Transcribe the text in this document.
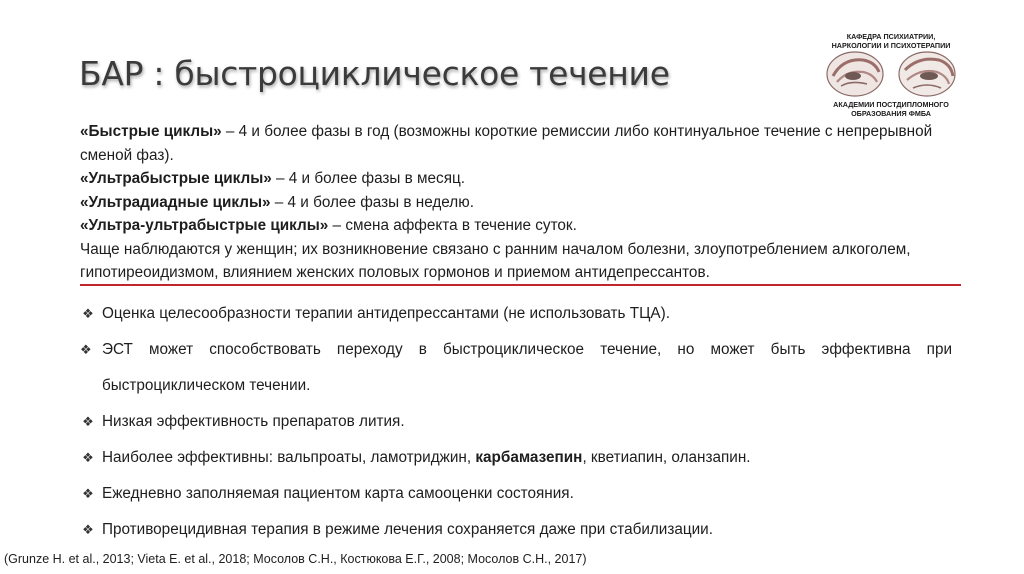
БАР : быстроциклическое течение
КАФЕДРА ПСИХИАТРИИ, НАРКОЛОГИИ И ПСИХОТЕРАПИИ
АКАДЕМИИ ПОСТДИПЛОМНОГО ОБРАЗОВАНИЯ ФМБА

«Быстрые циклы» – 4 и более фазы в год (возможны короткие ремиссии либо континуальное течение с непрерывной сменой фаз).

«Ультрабыстрые циклы» – 4 и более фазы в месяц.

«Ультрадиадные циклы» – 4 и более фазы в неделю.

«Ультра-ультрабыстрые циклы» – смена аффекта в течение суток.

Чаще наблюдаются у женщин; их возникновение связано с ранним началом болезни, злоупотреблением алкоголем, гипотиреоидизмом, влиянием женских половых гормонов и приемом антидепрессантов.

❖ Оценка целесообразности терапии антидепрессантами (не использовать ТЦА).
❖ ЭСТ может способствовать переходу в быстроциклическое течение, но может быть эффективна при быстроциклическом течении.
❖ Низкая эффективность препаратов лития.
❖ Наиболее эффективны: вальпроаты, ламотриджин, карбамазепин, кветиапин, оланзапин.
❖ Ежедневно заполняемая пациентом карта самооценки состояния.
❖ Противорецидивная терапия в режиме лечения сохраняется даже при стабилизации.

(Grunze H. et al., 2013; Vieta E. et al., 2018; Мосолов С.Н., Костюкова Е.Г., 2008; Мосолов С.Н., 2017)
